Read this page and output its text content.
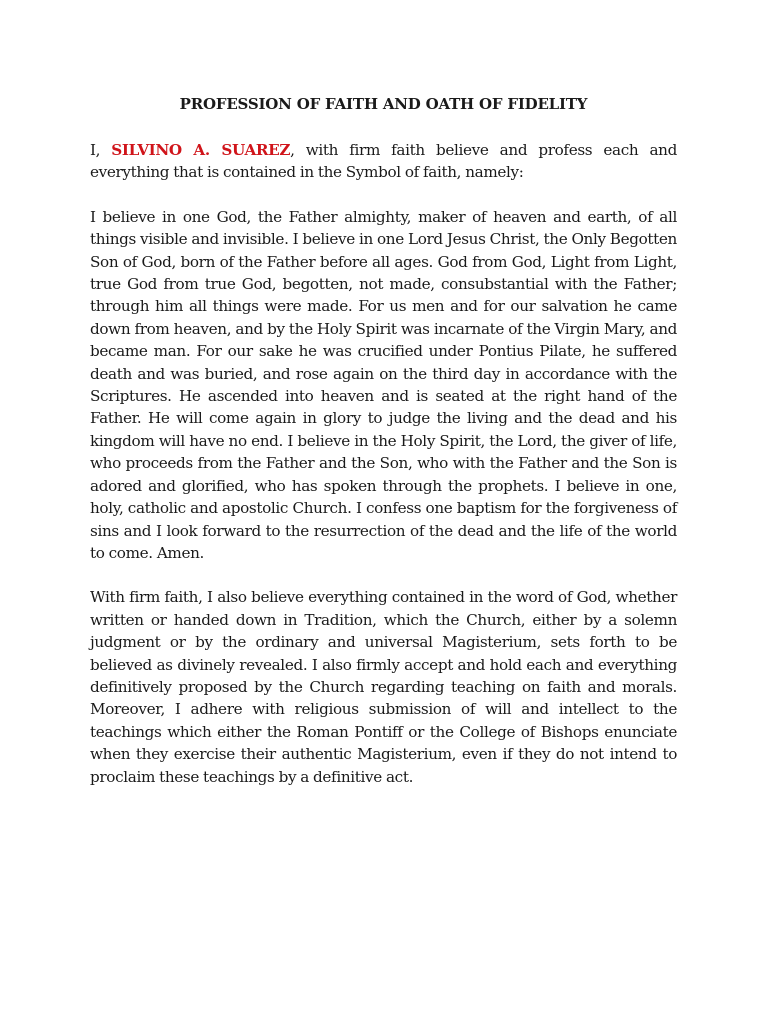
PROFESSION OF FAITH AND OATH OF FIDELITY

I, SILVINO A. SUAREZ, with firm faith believe and profess each and everything that is contained in the Symbol of faith, namely:

I believe in one God, the Father almighty, maker of heaven and earth, of all things visible and invisible. I believe in one Lord Jesus Christ, the Only Begotten Son of God, born of the Father before all ages. God from God, Light from Light, true God from true God, begotten, not made, consubstantial with the Father; through him all things were made. For us men and for our salvation he came down from heaven, and by the Holy Spirit was incarnate of the Virgin Mary, and became man. For our sake he was crucified under Pontius Pilate, he suffered death and was buried, and rose again on the third day in accordance with the Scriptures. He ascended into heaven and is seated at the right hand of the Father. He will come again in glory to judge the living and the dead and his kingdom will have no end. I believe in the Holy Spirit, the Lord, the giver of life, who proceeds from the Father and the Son, who with the Father and the Son is adored and glorified, who has spoken through the prophets. I believe in one, holy, catholic and apostolic Church. I confess one baptism for the forgiveness of sins and I look forward to the resurrection of the dead and the life of the world to come. Amen.

With firm faith, I also believe everything contained in the word of God, whether written or handed down in Tradition, which the Church, either by a solemn judgment or by the ordinary and universal Magisterium, sets forth to be believed as divinely revealed. I also firmly accept and hold each and everything definitively proposed by the Church regarding teaching on faith and morals. Moreover, I adhere with religious submission of will and intellect to the teachings which either the Roman Pontiff or the College of Bishops enunciate when they exercise their authentic Magisterium, even if they do not intend to proclaim these teachings by a definitive act.
